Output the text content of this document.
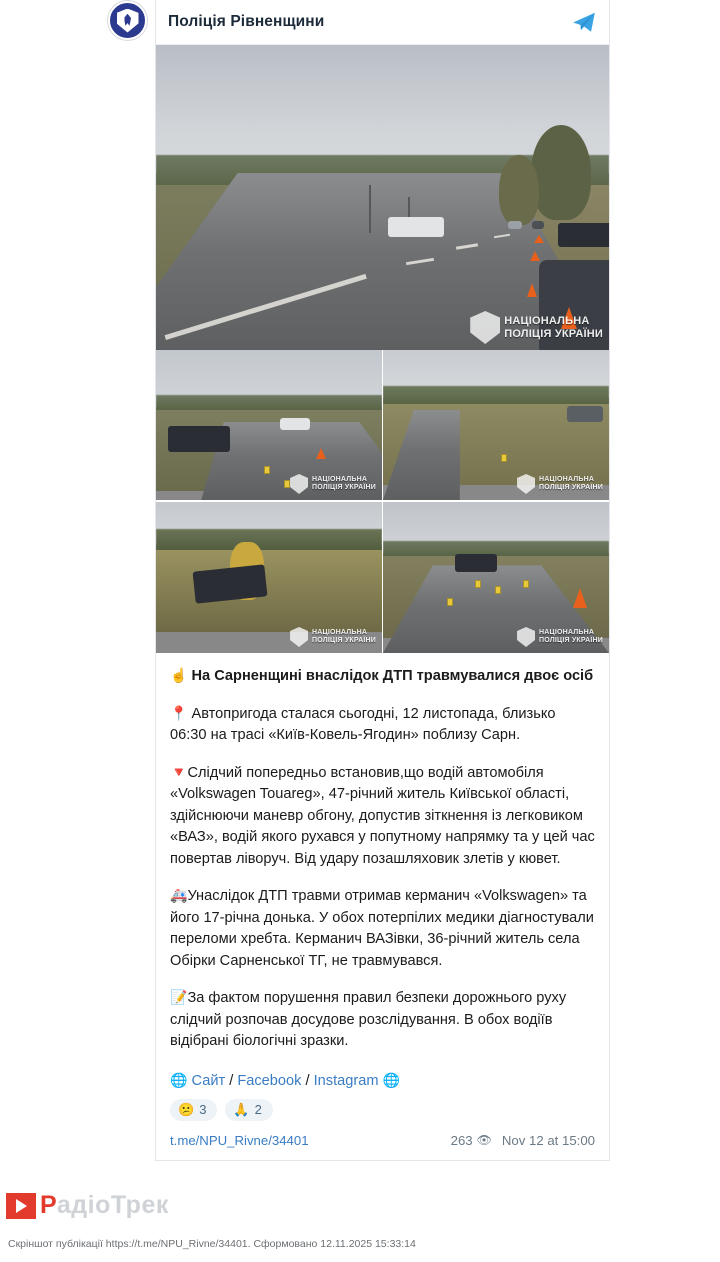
Поліція Рівненщини
НАЦІОНАЛЬНА
ПОЛІЦІЯ УКРАЇНИ
НАЦІОНАЛЬНА
ПОЛІЦІЯ УКРАЇНИ
НАЦІОНАЛЬНА
ПОЛІЦІЯ УКРАЇНИ
НАЦІОНАЛЬНА
ПОЛІЦІЯ УКРАЇНИ
НАЦІОНАЛЬНА
ПОЛІЦІЯ УКРАЇНИ

☝️ На Сарненщині внаслідок ДТП травмувалися двоє осіб

📍 Автопригода сталася сьогодні, 12 листопада, близько 06:30 на трасі «Київ-Ковель-Ягодин» поблизу Сарн.

🔻Слідчий попередньо встановив,що водій автомобіля «Volkswagen Touareg», 47-річний житель Київської області, здійснюючи маневр обгону, допустив зіткнення із легковиком «ВАЗ», водій якого рухався у попутному напрямку та у цей час повертав ліворуч. Від удару позашляховик злетів у кювет.

🚑Унаслідок ДТП травми отримав керманич «Volkswagen» та його 17-річна донька. У обох потерпілих медики діагностували переломи хребта. Керманич ВАЗівки, 36-річний житель села Обірки Сарненської ТГ, не травмувався.

📝За фактом порушення правил безпеки дорожнього руху слідчий розпочав досудове розслідування. В обох водіїв відібрані біологічні зразки.

🌐 Сайт / Facebook / Instagram 🌐
😕 3 🙏 2
t.me/NPU_Rivne/34401	263 👁 Nov 12 at 15:00
РадіоТрек
Скріншот публікації https://t.me/NPU_Rivne/34401. Сформовано 12.11.2025 15:33:14
